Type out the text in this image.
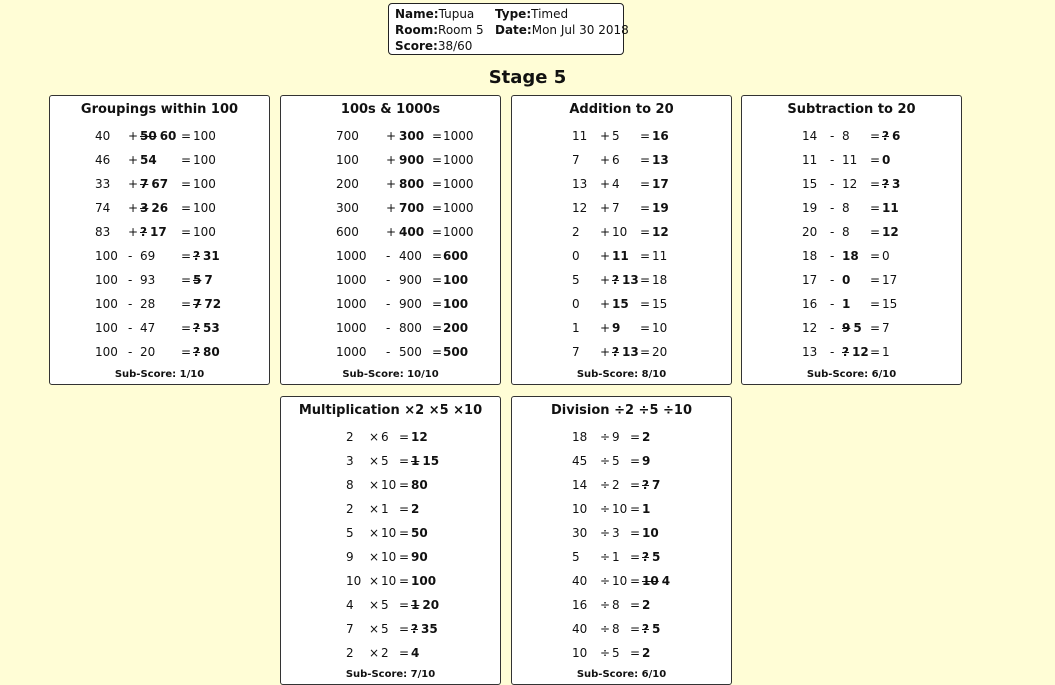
Name:Tupua Type:Timed
Room:Room 5 Date:Mon Jul 30 2018
Score:38/60
Stage 5
Groupings within 100
40 + 50 60 = 100
46 + 54 = 100
33 + 7 67 = 100
74 + 3 26 = 100
83 + ? 17 = 100
100 - 69 = ? 31
100 - 93 = 5 7
100 - 28 = 7 72
100 - 47 = ? 53
100 - 20 = ? 80
Sub-Score: 1/10
100s & 1000s
700 + 300 = 1000
100 + 900 = 1000
200 + 800 = 1000
300 + 700 = 1000
600 + 400 = 1000
1000 - 400 = 600
1000 - 900 = 100
1000 - 900 = 100
1000 - 800 = 200
1000 - 500 = 500
Sub-Score: 10/10
Addition to 20
11 + 5 = 16
7 + 6 = 13
13 + 4 = 17
12 + 7 = 19
2 + 10 = 12
0 + 11 = 11
5 + ? 13 = 18
0 + 15 = 15
1 + 9 = 10
7 + ? 13 = 20
Sub-Score: 8/10
Subtraction to 20
14 - 8 = ? 6
11 - 11 = 0
15 - 12 = ? 3
19 - 8 = 11
20 - 8 = 12
18 - 18 = 0
17 - 0 = 17
16 - 1 = 15
12 - 9 5 = 7
13 - ? 12 = 1
Sub-Score: 6/10
Multiplication ×2 ×5 ×10
2 × 6 = 12
3 × 5 = 1 15
8 × 10 = 80
2 × 1 = 2
5 × 10 = 50
9 × 10 = 90
10 × 10 = 100
4 × 5 = 1 20
7 × 5 = ? 35
2 × 2 = 4
Sub-Score: 7/10
Division ÷2 ÷5 ÷10
18 ÷ 9 = 2
45 ÷ 5 = 9
14 ÷ 2 = ? 7
10 ÷ 10 = 1
30 ÷ 3 = 10
5 ÷ 1 = ? 5
40 ÷ 10 = 10 4
16 ÷ 8 = 2
40 ÷ 8 = ? 5
10 ÷ 5 = 2
Sub-Score: 6/10
